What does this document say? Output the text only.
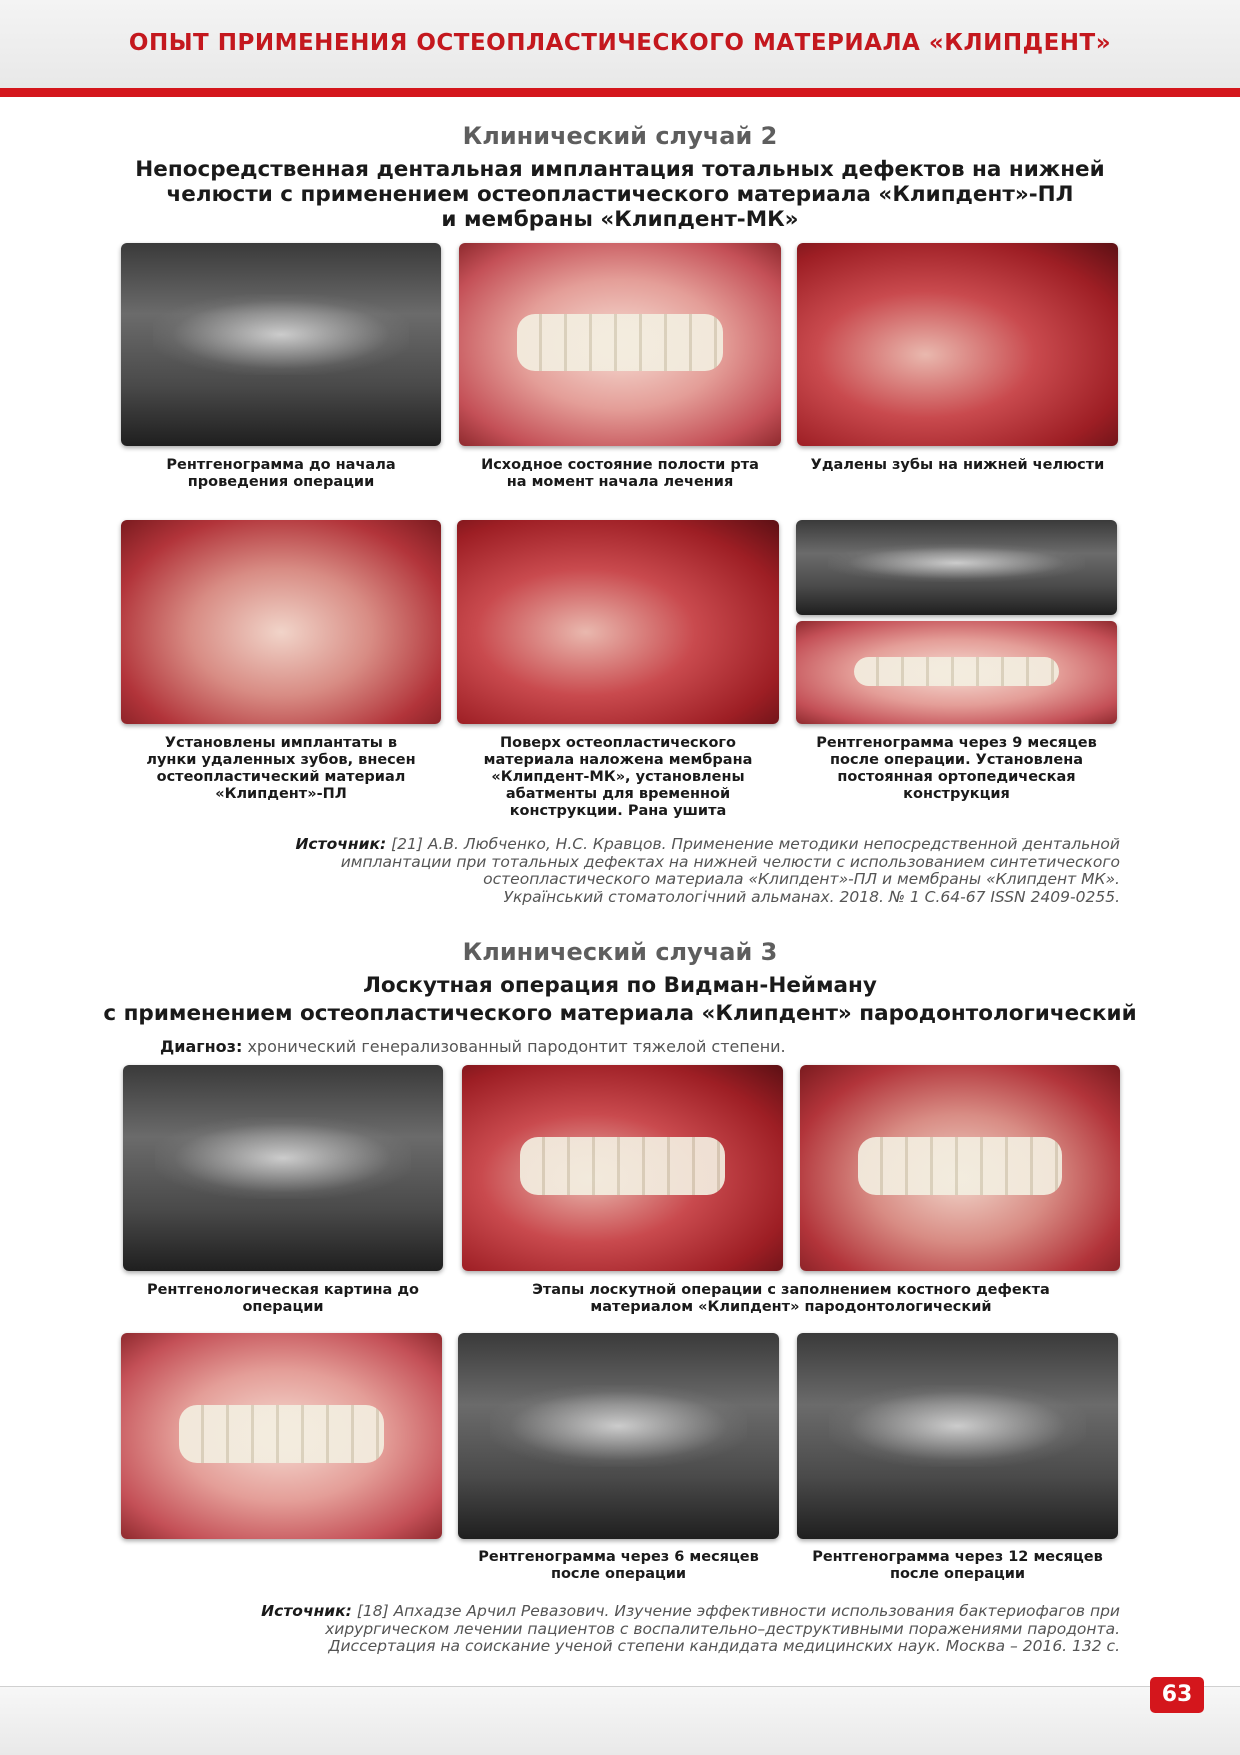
ОПЫТ ПРИМЕНЕНИЯ ОСТЕОПЛАСТИЧЕСКОГО МАТЕРИАЛА «КЛИПДЕНТ»
Клинический случай 2
Непосредственная дентальная имплантация тотальных дефектов на нижней
челюсти с применением остеопластического материала «Клипдент»-ПЛ
и мембраны «Клипдент-МК»
Рентгенограмма до начала
проведения операции
Исходное состояние полости рта
на момент начала лечения
Удалены зубы на нижней челюсти
Установлены имплантаты в
лунки удаленных зубов, внесен
остеопластический материал
«Клипдент»-ПЛ
Поверх остеопластического
материала наложена мембрана
«Клипдент-МК», установлены
абатменты для временной
конструкции. Рана ушита
Рентгенограмма через 9 месяцев
после операции. Установлена
постоянная ортопедическая
конструкция
Источник: [21] А.В. Любченко, Н.С. Кравцов. Применение методики непосредственной дентальной
имплантации при тотальных дефектах на нижней челюсти с использованием синтетического
остеопластического материала «Клипдент»-ПЛ и мембраны «Клипдент МК».
Український стоматологічний альманах. 2018. № 1 С.64-67 ISSN 2409-0255.
Клинический случай 3
Лоскутная операция по Видман-Нейману
с применением остеопластического материала «Клипдент» пародонтологический
Диагноз: хронический генерализованный пародонтит тяжелой степени.
Рентгенологическая картина до
операции
Этапы лоскутной операции с заполнением костного дефекта
материалом «Клипдент» пародонтологический
Рентгенограмма через 6 месяцев
после операции
Рентгенограмма через 12 месяцев
после операции
Источник: [18] Апхадзе Арчил Ревазович. Изучение эффективности использования бактериофагов при
хирургическом лечении пациентов с воспалительно–деструктивными поражениями пародонта.
Диссертация на соискание ученой степени кандидата медицинских наук. Москва – 2016. 132 с.
63
